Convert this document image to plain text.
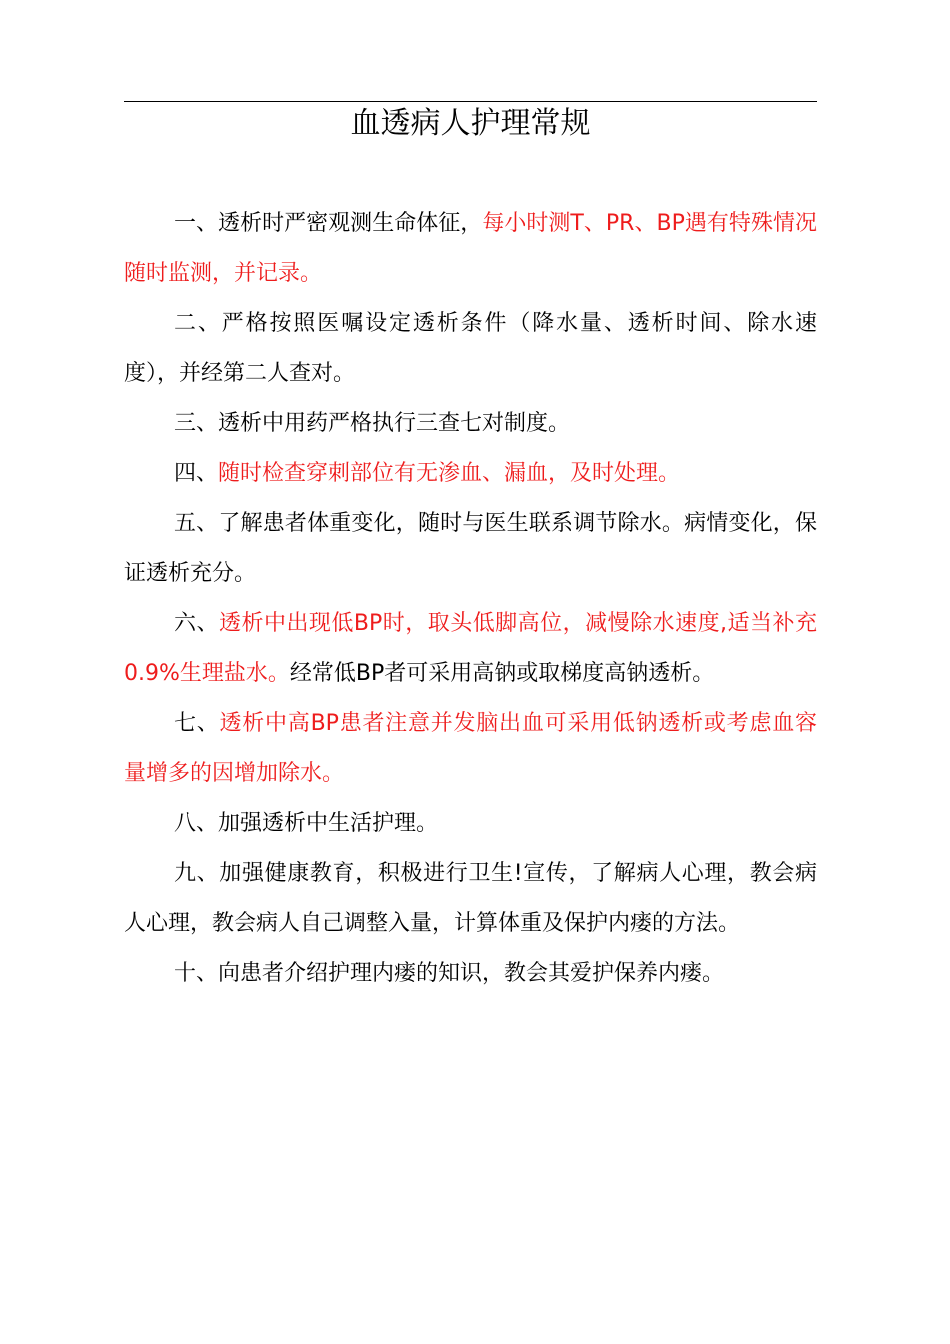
血透病人护理常规

一、透析时严密观测生命体征，每小时测T、PR、BP遇有特殊情况随时监测，并记录。

二、严格按照医嘱设定透析条件（降水量、透析时间、除水速度），并经第二人查对。

三、透析中用药严格执行三查七对制度。

四、随时检查穿刺部位有无渗血、漏血，及时处理。

五、了解患者体重变化，随时与医生联系调节除水。病情变化，保证透析充分。

六、透析中出现低BP时，取头低脚高位，减慢除水速度,适当补充0.9%生理盐水。经常低BP者可采用高钠或取梯度高钠透析。

七、透析中高BP患者注意并发脑出血可采用低钠透析或考虑血容量增多的因增加除水。

八、加强透析中生活护理。

九、加强健康教育，积极进行卫生!宣传，了解病人心理，教会病人心理，教会病人自己调整入量，计算体重及保护内瘘的方法。

十、向患者介绍护理内瘘的知识，教会其爱护保养内瘘。
